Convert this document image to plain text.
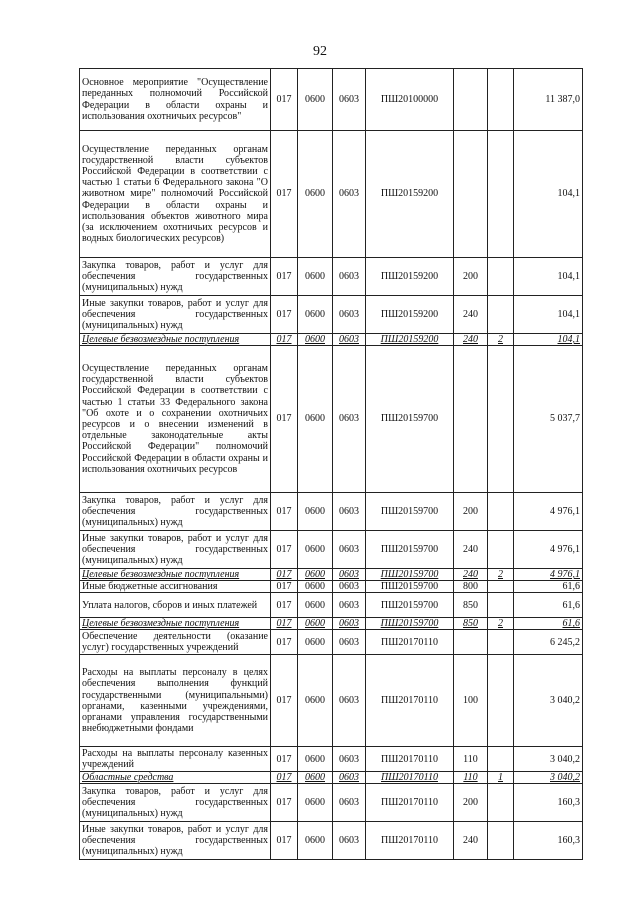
92
Основное мероприятие "Осуществление переданных полномочий Российской Федерации в области охраны и использования охотничьих ресурсов"	017	0600	0603	ПШ20100000			11 387,0
Осуществление переданных органам государственной власти субъектов Российской Федерации в соответствии с частью 1 статьи 6 Федерального закона "О животном мире" полномочий Российской Федерации в области охраны и использования объектов животного мира (за исключением охотничьих ресурсов и водных биологических ресурсов)	017	0600	0603	ПШ20159200			104,1
Закупка товаров, работ и услуг для обеспечения государственных (муниципальных) нужд	017	0600	0603	ПШ20159200	200		104,1
Иные закупки товаров, работ и услуг для обеспечения государственных (муниципальных) нужд	017	0600	0603	ПШ20159200	240		104,1
Целевые безвозмездные поступления	017	0600	0603	ПШ20159200	240	2	104,1
Осуществление переданных органам государственной власти субъектов Российской Федерации в соответствии с частью 1 статьи 33 Федерального закона "Об охоте и о сохранении охотничьих ресурсов и о внесении изменений в отдельные законодательные акты Российской Федерации" полномочий Российской Федерации в области охраны и использования охотничьих ресурсов	017	0600	0603	ПШ20159700			5 037,7
Закупка товаров, работ и услуг для обеспечения государственных (муниципальных) нужд	017	0600	0603	ПШ20159700	200		4 976,1
Иные закупки товаров, работ и услуг для обеспечения государственных (муниципальных) нужд	017	0600	0603	ПШ20159700	240		4 976,1
Целевые безвозмездные поступления	017	0600	0603	ПШ20159700	240	2	4 976,1
Иные бюджетные ассигнования	017	0600	0603	ПШ20159700	800		61,6
Уплата налогов, сборов и иных платежей	017	0600	0603	ПШ20159700	850		61,6
Целевые безвозмездные поступления	017	0600	0603	ПШ20159700	850	2	61,6
Обеспечение деятельности (оказание услуг) государственных учреждений	017	0600	0603	ПШ20170110			6 245,2
Расходы на выплаты персоналу в целях обеспечения выполнения функций государственными (муниципальными) органами, казенными учреждениями, органами управления государственными внебюджетными фондами	017	0600	0603	ПШ20170110	100		3 040,2
Расходы на выплаты персоналу казенных учреждений	017	0600	0603	ПШ20170110	110		3 040,2
Областные средства	017	0600	0603	ПШ20170110	110	1	3 040,2
Закупка товаров, работ и услуг для обеспечения государственных (муниципальных) нужд	017	0600	0603	ПШ20170110	200		160,3
Иные закупки товаров, работ и услуг для обеспечения государственных (муниципальных) нужд	017	0600	0603	ПШ20170110	240		160,3
